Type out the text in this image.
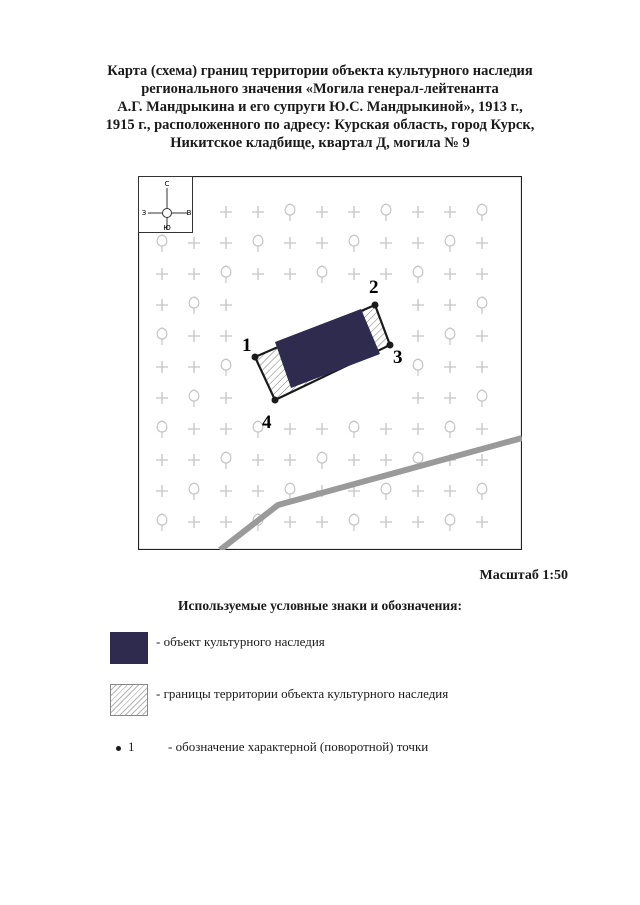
Карта (схема) границ территории объекта культурного наследия
регионального значения «Могила генерал-лейтенанта
А.Г. Мандрыкина и его супруги Ю.С. Мандрыкиной», 1913 г.,
1915 г., расположенного по адресу: Курская область, город Курск,
Никитское кладбище, квартал Д, могила № 9
С
Ю
З	В
1
2
3
4
Масштаб 1:50
Используемые условные знаки и обозначения:
- объект культурного наследия
- границы территории объекта культурного наследия
1	- обозначение характерной (поворотной) точки
